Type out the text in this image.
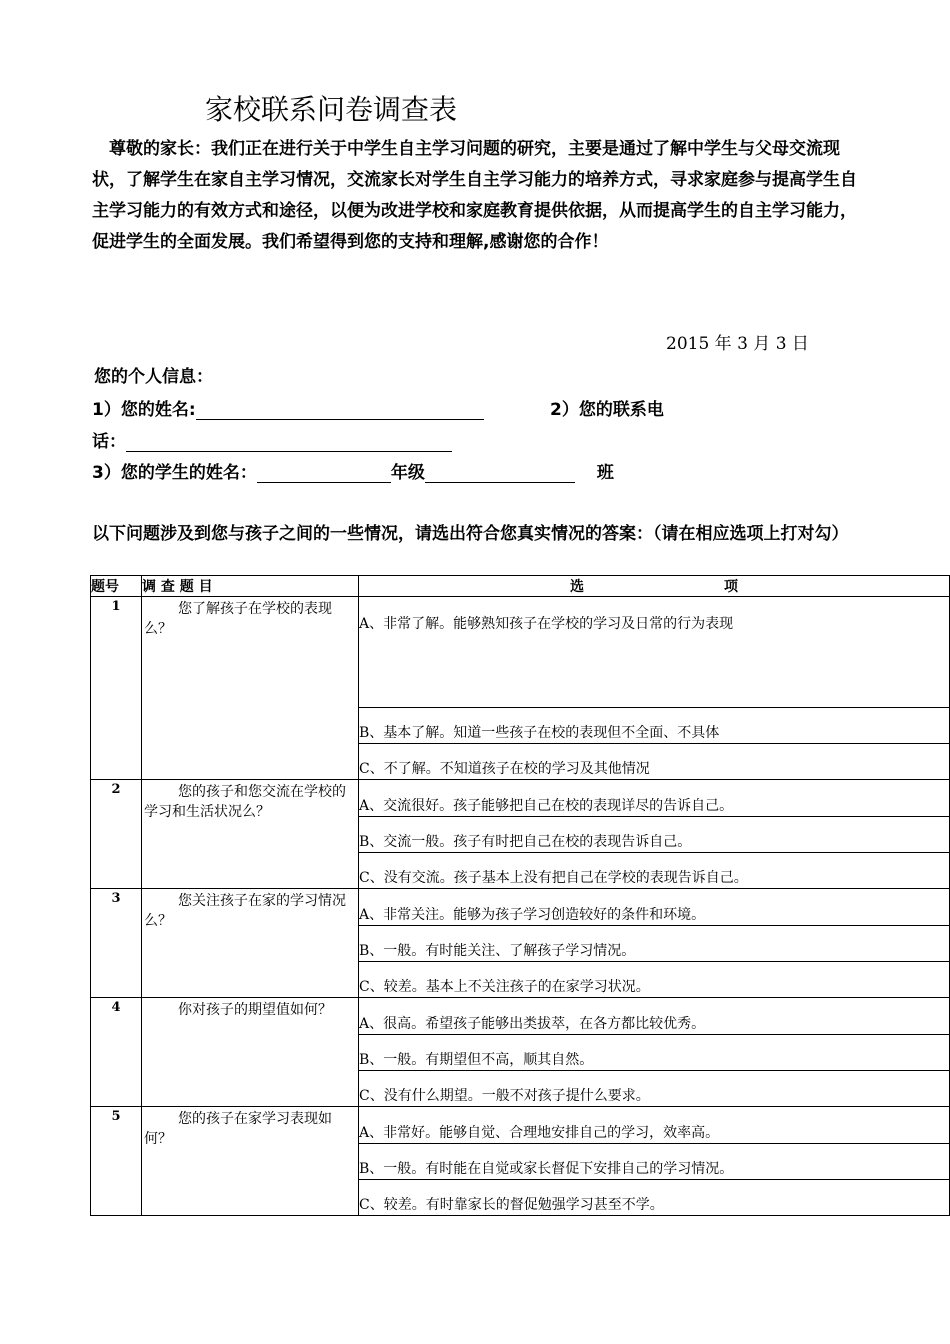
家校联系问卷调查表
尊敬的家长：我们正在进行关于中学生自主学习问题的研究，主要是通过了解中学生与父母交流现状，了解学生在家自主学习情况，交流家长对学生自主学习能力的培养方式，寻求家庭参与提高学生自主学习能力的有效方式和途径，以便为改进学校和家庭教育提供依据，从而提高学生的自主学习能力，促进学生的全面发展。我们希望得到您的支持和理解,感谢您的合作！
2015 年 3 月 3 日
您的个人信息：
1）您的姓名:	2）您的联系电
话：
3）您的学生的姓名：	年级	班
以下问题涉及到您与孩子之间的一些情况，请选出符合您真实情况的答案：（请在相应选项上打对勾）
题号	调 查 题 目	选 项

1	您了解孩子在学校的表现么？	A、非常了解。能够熟知孩子在学校的学习及日常的行为表现
B、基本了解。知道一些孩子在校的表现但不全面、不具体
C、不了解。不知道孩子在校的学习及其他情况

2	您的孩子和您交流在学校的学习和生活状况么？	A、交流很好。孩子能够把自己在校的表现详尽的告诉自己。
B、交流一般。孩子有时把自己在校的表现告诉自己。
C、没有交流。孩子基本上没有把自己在学校的表现告诉自己。

3	您关注孩子在家的学习情况么？	A、非常关注。能够为孩子学习创造较好的条件和环境。
B、一般。有时能关注、了解孩子学习情况。
C、较差。基本上不关注孩子的在家学习状况。

4	你对孩子的期望值如何？	A、很高。希望孩子能够出类拔萃，在各方都比较优秀。
B、一般。有期望但不高，顺其自然。
C、没有什么期望。一般不对孩子提什么要求。

5	您的孩子在家学习表现如何？	A、非常好。能够自觉、合理地安排自己的学习，效率高。
B、一般。有时能在自觉或家长督促下安排自己的学习情况。
C、较差。有时靠家长的督促勉强学习甚至不学。
